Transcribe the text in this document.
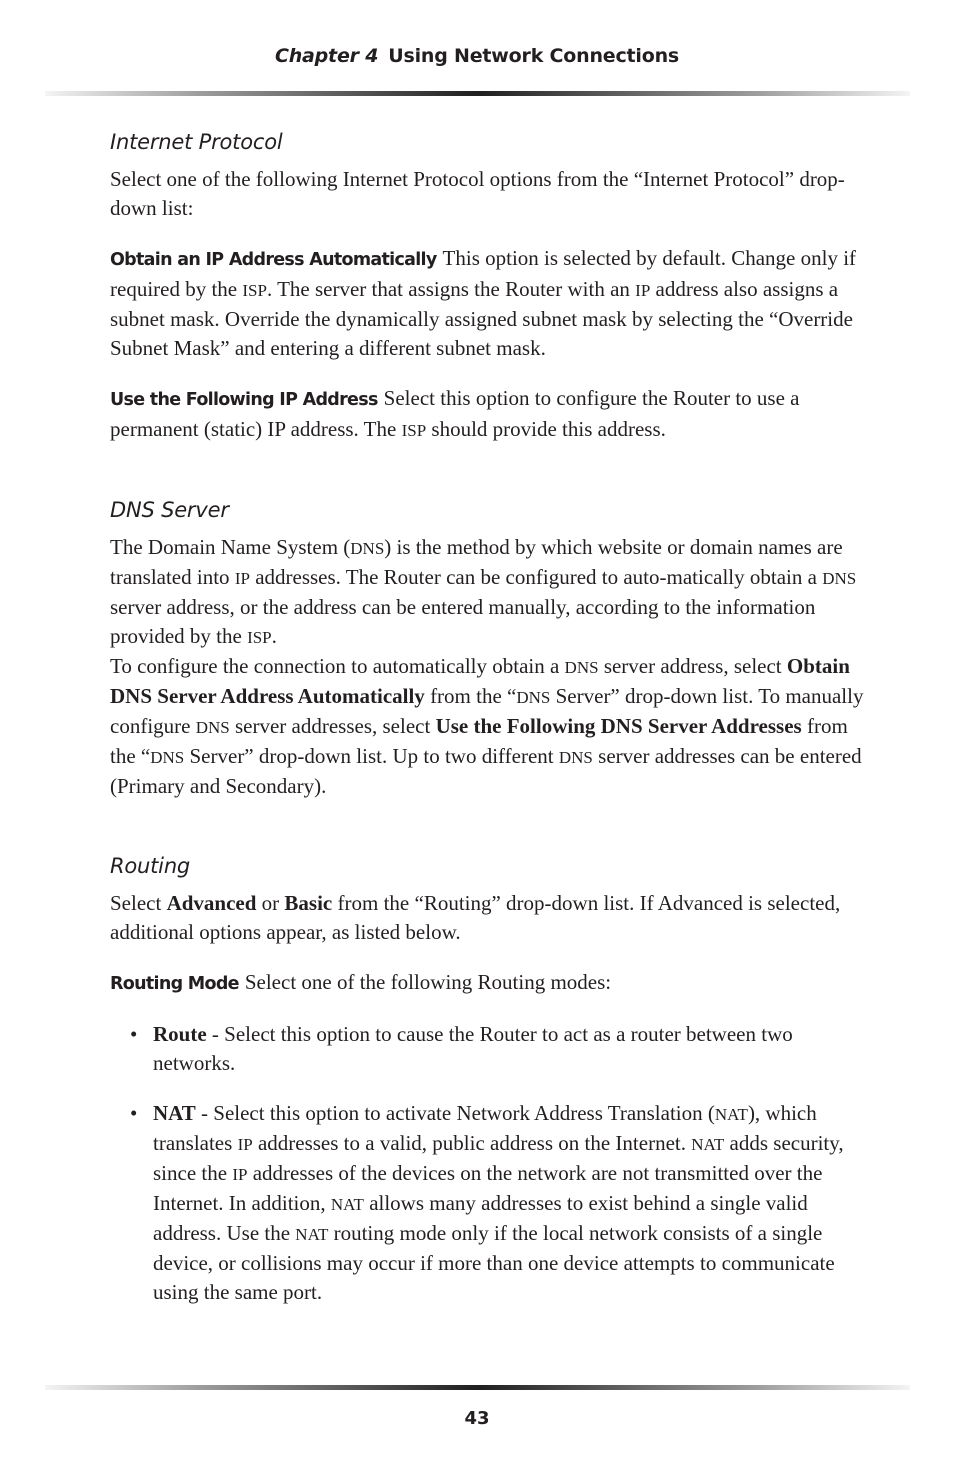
Chapter 4 Using Network Connections
Internet Protocol

Select one of the following Internet Protocol options from the “Internet Protocol” drop-down list:

Obtain an IP Address Automatically This option is selected by default. Change only if required by the ISP. The server that assigns the Router with an IP address also assigns a subnet mask. Override the dynamically assigned subnet mask by selecting the “Override Subnet Mask” and entering a different subnet mask.

Use the Following IP Address Select this option to configure the Router to use a permanent (static) IP address. The ISP should provide this address.

DNS Server

The Domain Name System (DNS) is the method by which website or domain names are translated into IP addresses. The Router can be configured to auto-matically obtain a DNS server address, or the address can be entered manually, according to the information provided by the ISP.

To configure the connection to automatically obtain a DNS server address, select Obtain DNS Server Address Automatically from the “DNS Server” drop-down list. To manually configure DNS server addresses, select Use the Following DNS Server Addresses from the “DNS Server” drop-down list. Up to two different DNS server addresses can be entered (Primary and Secondary).

Routing

Select Advanced or Basic from the “Routing” drop-down list. If Advanced is selected, additional options appear, as listed below.

Routing Mode Select one of the following Routing modes:

• Route - Select this option to cause the Router to act as a router between two networks.
• NAT - Select this option to activate Network Address Translation (NAT), which translates IP addresses to a valid, public address on the Internet. NAT adds security, since the IP addresses of the devices on the network are not transmitted over the Internet. In addition, NAT allows many addresses to exist behind a single valid address. Use the NAT routing mode only if the local network consists of a single device, or collisions may occur if more than one device attempts to communicate using the same port.
43
